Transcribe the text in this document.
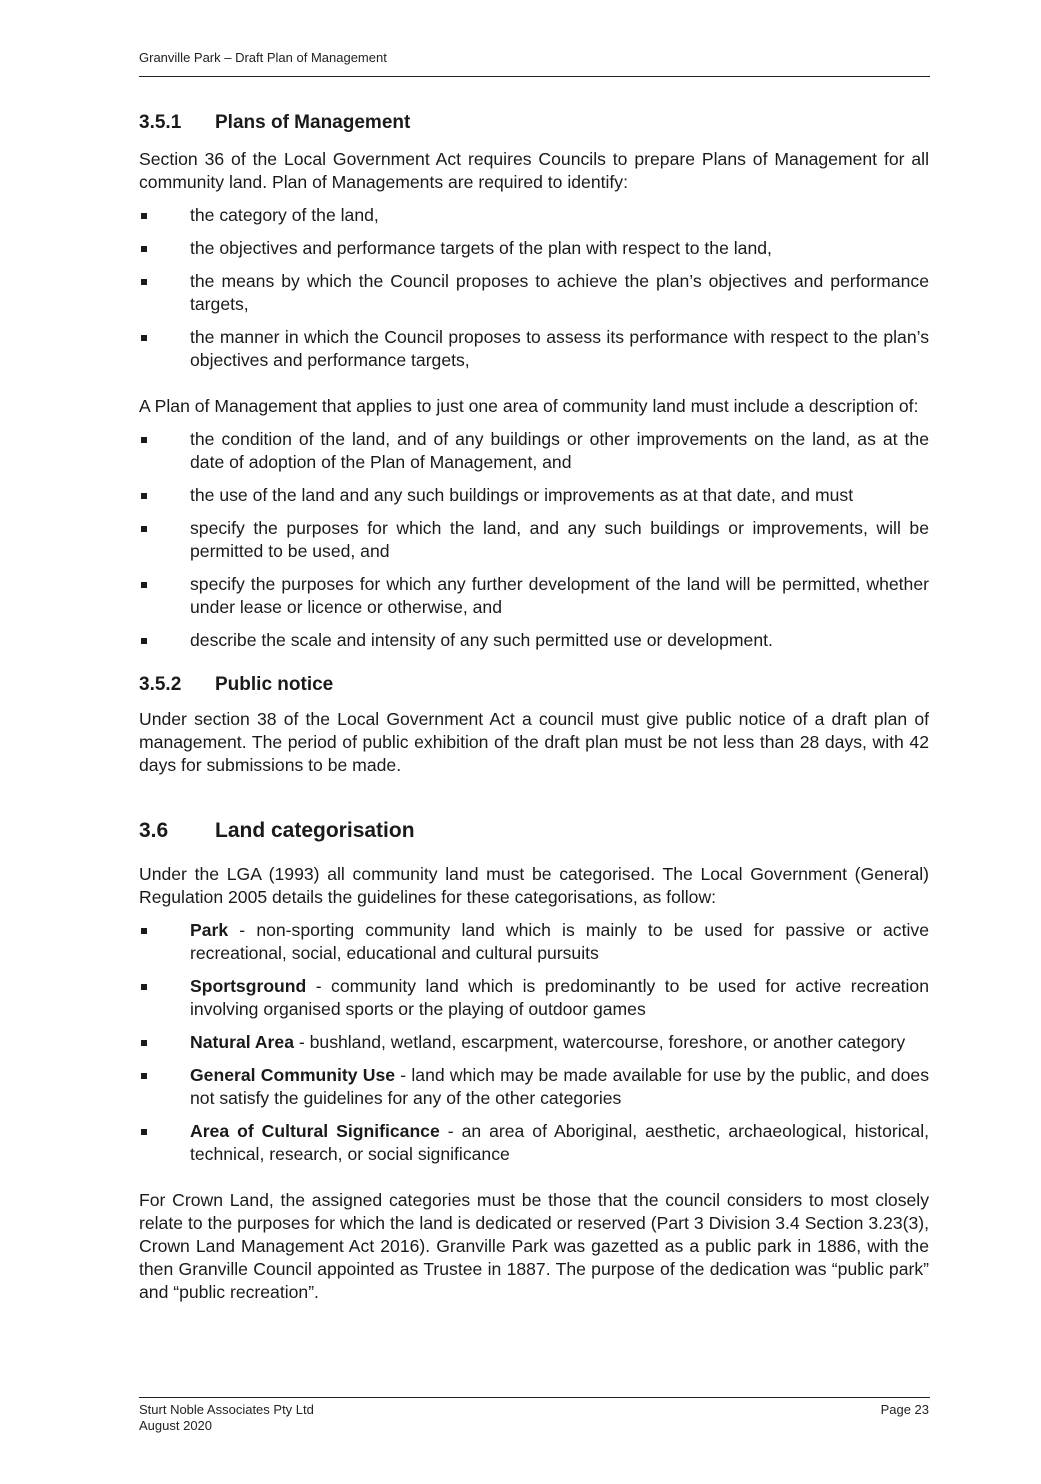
Granville Park – Draft Plan of Management
3.5.1	Plans of Management

Section 36 of the Local Government Act requires Councils to prepare Plans of Management for all community land. Plan of Managements are required to identify:

the category of the land,
the objectives and performance targets of the plan with respect to the land,
the means by which the Council proposes to achieve the plan’s objectives and performance targets,
the manner in which the Council proposes to assess its performance with respect to the plan’s objectives and performance targets,

A Plan of Management that applies to just one area of community land must include a description of:

the condition of the land, and of any buildings or other improvements on the land, as at the date of adoption of the Plan of Management, and
the use of the land and any such buildings or improvements as at that date, and must
specify the purposes for which the land, and any such buildings or improvements, will be permitted to be used, and
specify the purposes for which any further development of the land will be permitted, whether under lease or licence or otherwise, and
describe the scale and intensity of any such permitted use or development.
3.5.2	Public notice

Under section 38 of the Local Government Act a council must give public notice of a draft plan of management. The period of public exhibition of the draft plan must be not less than 28 days, with 42 days for submissions to be made.

3.6	Land categorisation

Under the LGA (1993) all community land must be categorised. The Local Government (General) Regulation 2005 details the guidelines for these categorisations, as follow:

Park - non-sporting community land which is mainly to be used for passive or active recreational, social, educational and cultural pursuits
Sportsground - community land which is predominantly to be used for active recreation involving organised sports or the playing of outdoor games
Natural Area - bushland, wetland, escarpment, watercourse, foreshore, or another category
General Community Use - land which may be made available for use by the public, and does not satisfy the guidelines for any of the other categories
Area of Cultural Significance - an area of Aboriginal, aesthetic, archaeological, historical, technical, research, or social significance

For Crown Land, the assigned categories must be those that the council considers to most closely relate to the purposes for which the land is dedicated or reserved (Part 3 Division 3.4 Section 3.23(3), Crown Land Management Act 2016). Granville Park was gazetted as a public park in 1886, with the then Granville Council appointed as Trustee in 1887. The purpose of the dedication was “public park” and “public recreation”.

Sturt Noble Associates Pty Ltd
August 2020
Page 23
